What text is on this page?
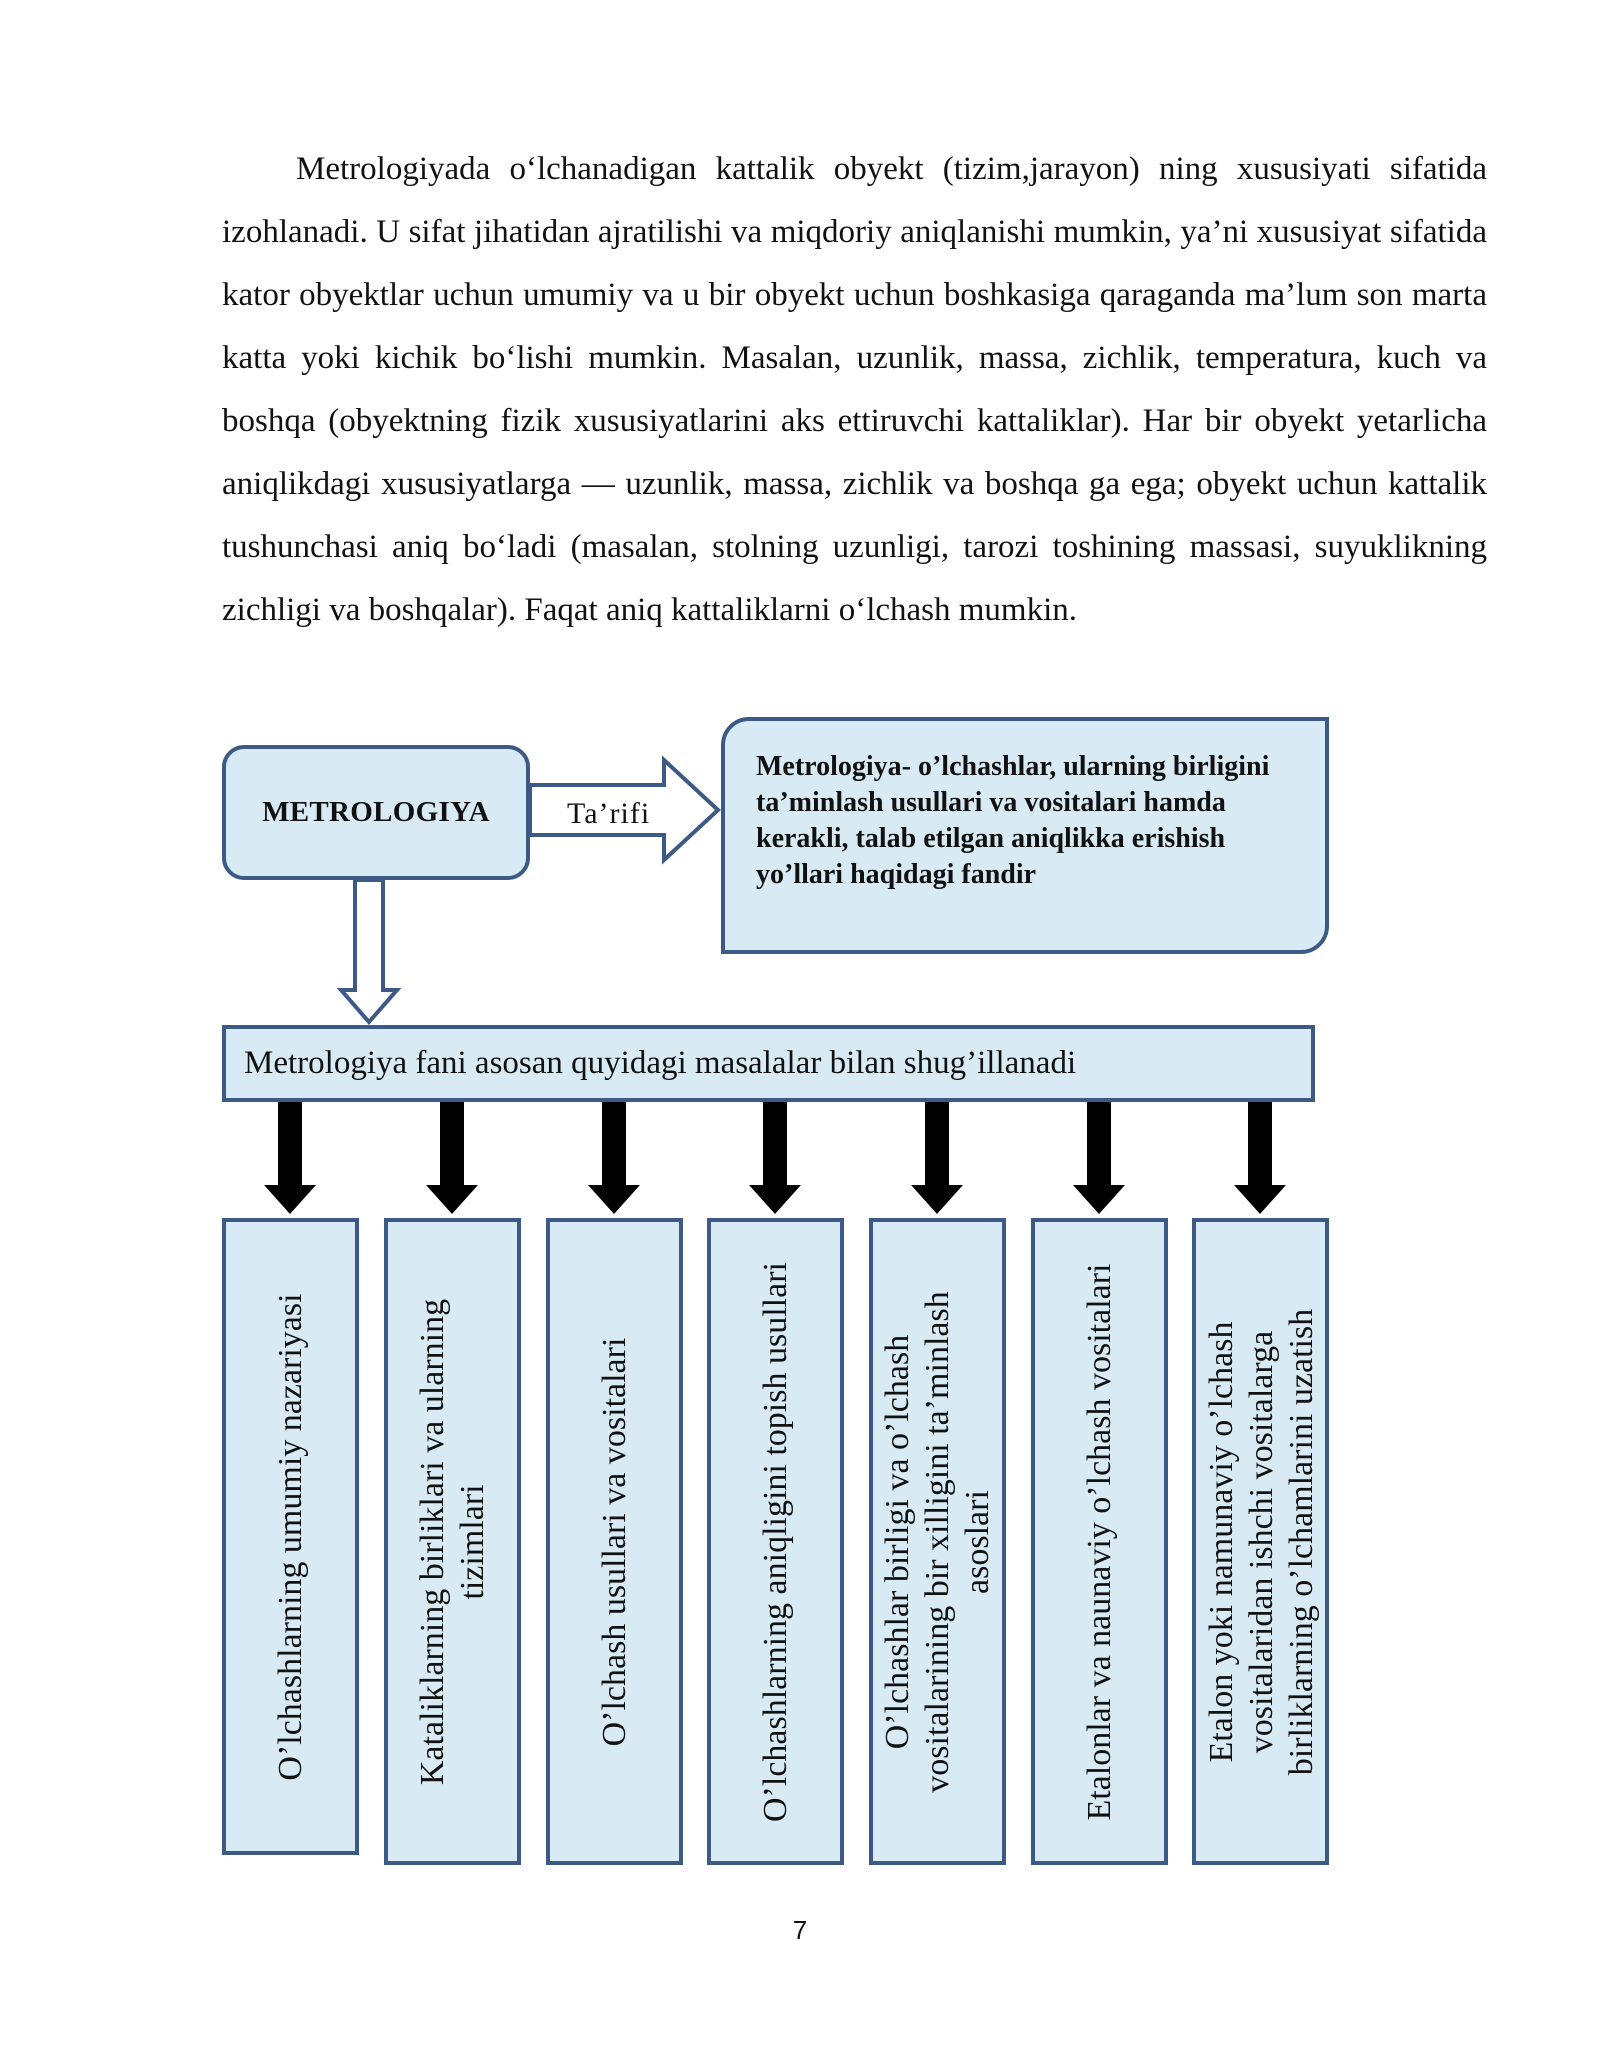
Metrologiyada o‘lchanadigan kattalik obyekt (tizim,jarayon) ning xususiyati sifatida izohlanadi. U sifat jihatidan ajratilishi va miqdoriy aniqlanishi mumkin, ya’ni xususiyat sifatida kator obyektlar uchun umumiy va u bir obyekt uchun boshkasiga qaraganda ma’lum son marta katta yoki kichik bo‘lishi mumkin. Masalan, uzunlik, massa, zichlik, temperatura, kuch va boshqa (obyektning fizik xususiyatlarini aks ettiruvchi kattaliklar). Har bir obyekt yetarlicha aniqlikdagi xususiyatlarga — uzunlik, massa, zichlik va boshqa ga ega; obyekt uchun kattalik tushunchasi aniq bo‘ladi (masalan, stolning uzunligi, tarozi toshining massasi, suyuklikning zichligi va boshqalar). Faqat aniq kattaliklarni o‘lchash mumkin.

METROLOGIYA	Ta’rifi
Metrologiya- o’lchashlar, ularning birligini ta’minlash usullari va vositalari hamda kerakli, talab etilgan aniqlikka erishish yo’llari haqidagi fandir
Metrologiya fani asosan quyidagi masalalar bilan shug’illanadi
O’lchashlarning umumiy nazariyasi	Kataliklarning birliklari va ularning tizimlari	O’lchash usullari va vositalari	O’lchashlarning aniqligini topish usullari	O’lchashlar birligi va o’lchash vositalarining bir xilligini ta’minlash asoslari	Etalonlar va naunaviy o’lchash vositalari	Etalon yoki namunaviy o’lchash vositalaridan ishchi vositalarga birliklarning o’lchamlarini uzatish
7
